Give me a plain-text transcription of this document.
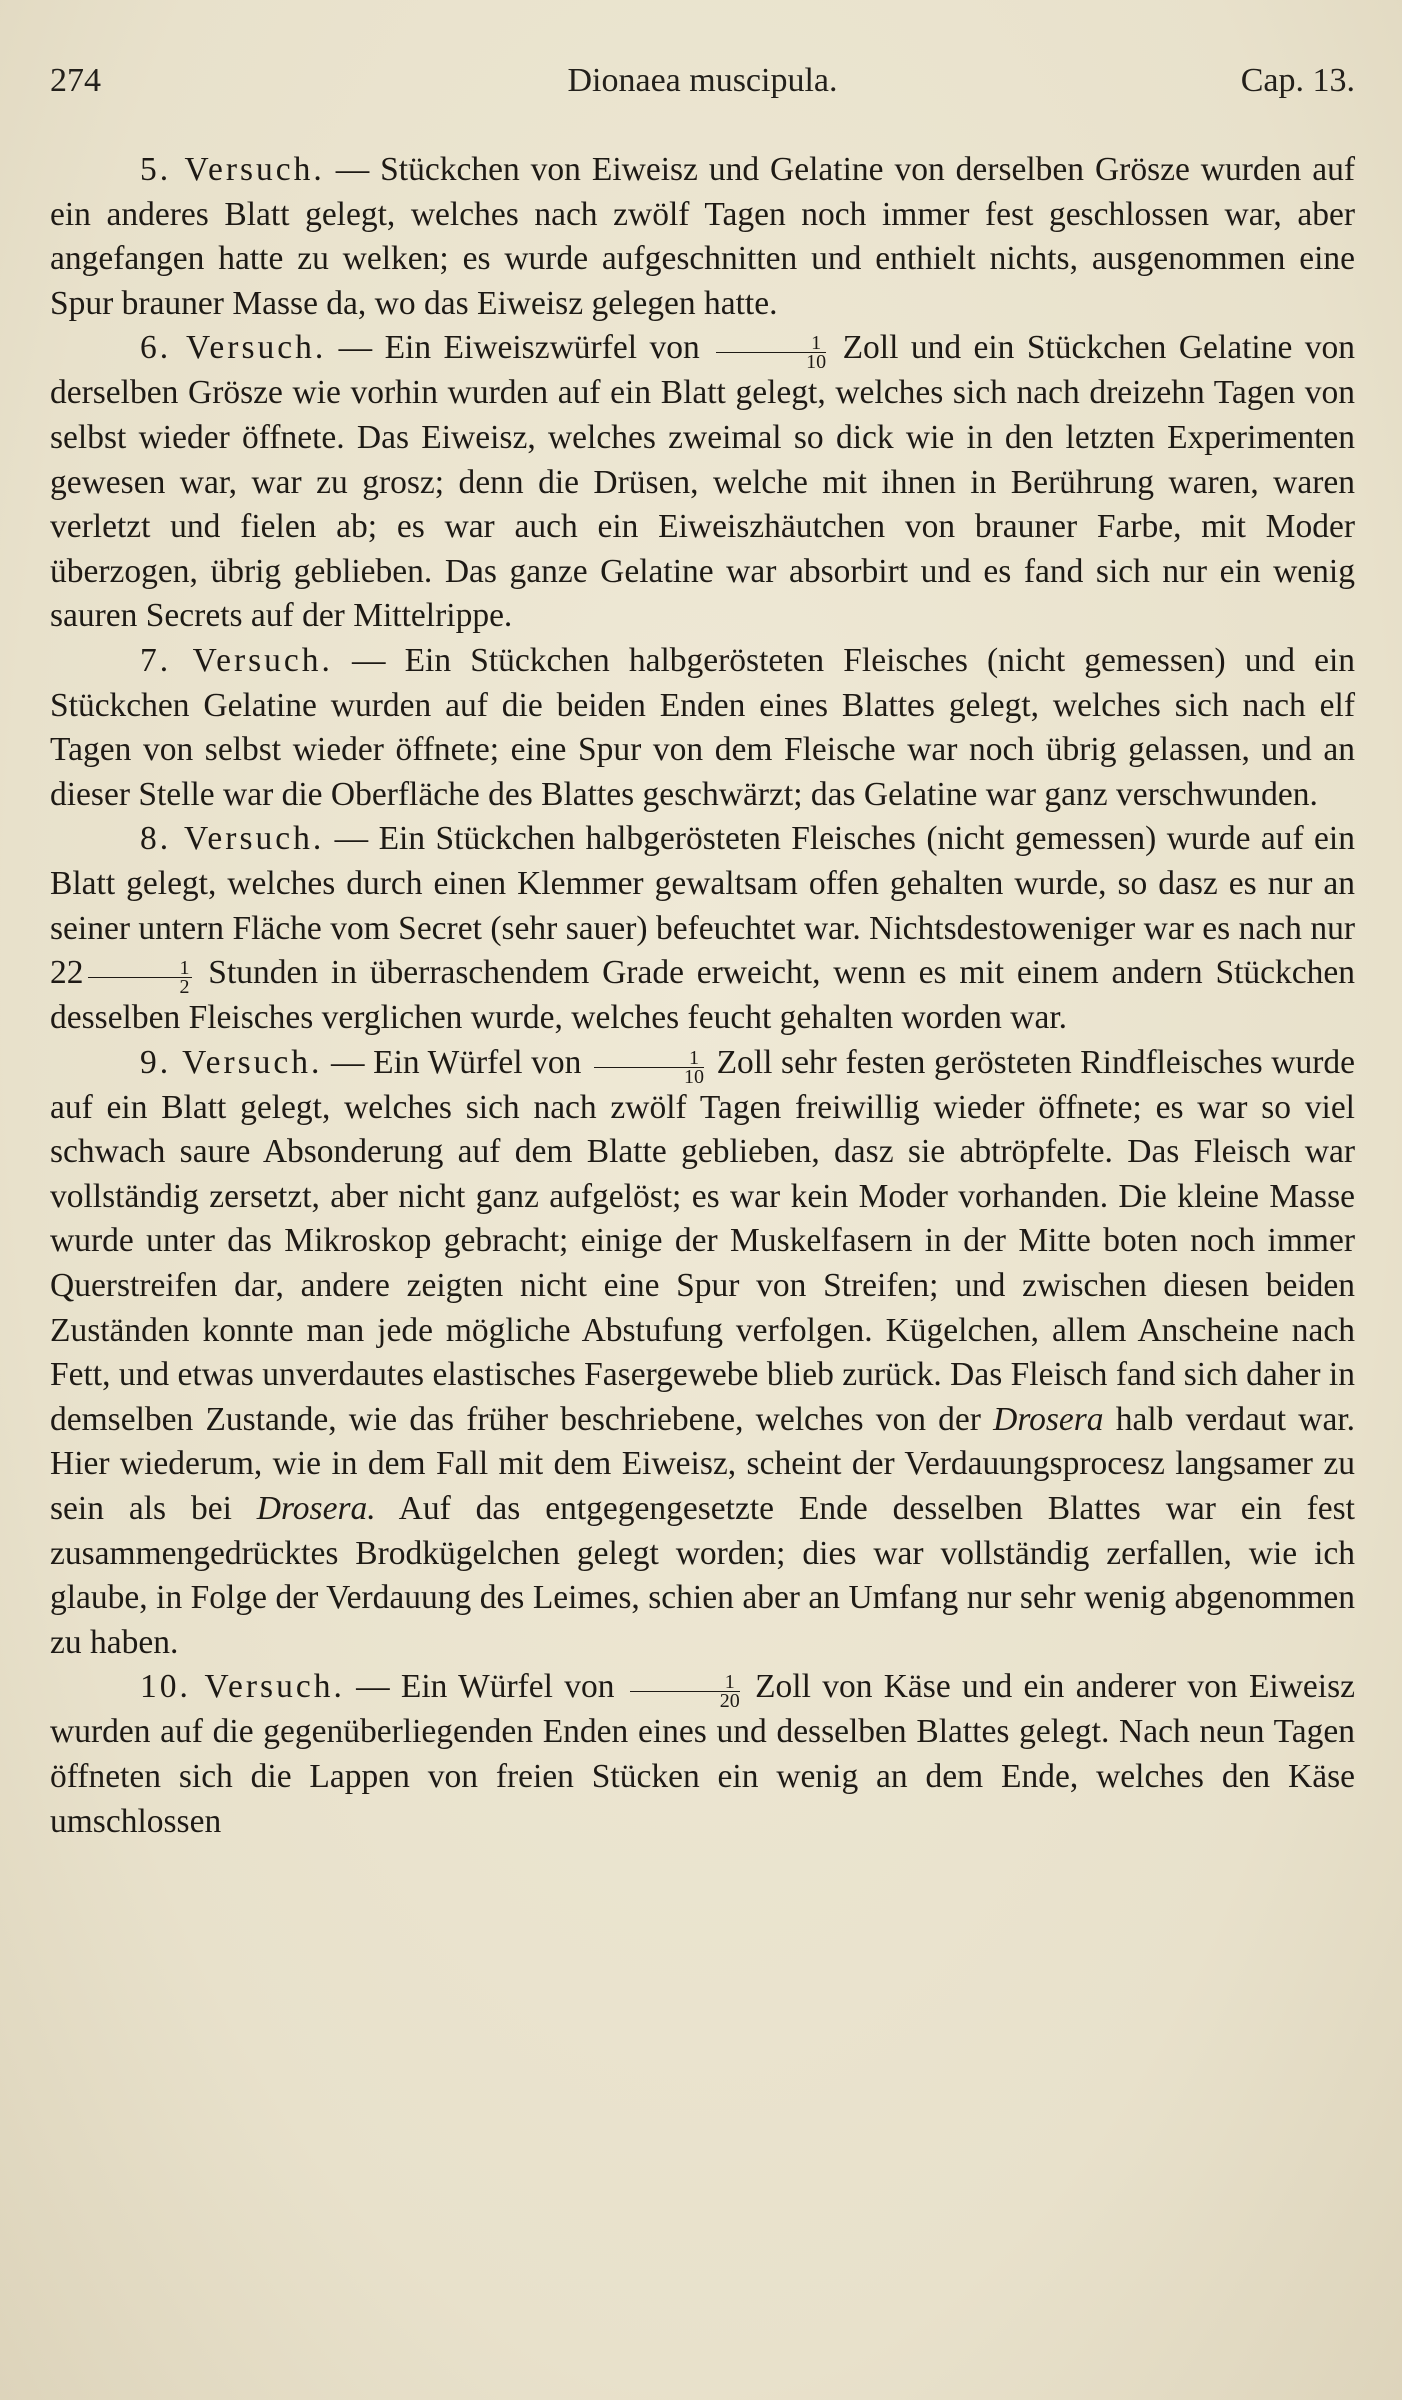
274	Dionaea muscipula.	Cap. 13.

5. Versuch. — Stückchen von Eiweisz und Gelatine von derselben Grösze wurden auf ein anderes Blatt gelegt, welches nach zwölf Tagen noch immer fest geschlossen war, aber angefangen hatte zu welken; es wurde aufgeschnitten und enthielt nichts, ausgenommen eine Spur brauner Masse da, wo das Eiweisz gelegen hatte.

6. Versuch. — Ein Eiweiszwürfel von $\frac{1}{10}$ Zoll und ein Stückchen Gelatine von derselben Grösze wie vorhin wurden auf ein Blatt gelegt, welches sich nach dreizehn Tagen von selbst wieder öffnete. Das Eiweisz, welches zweimal so dick wie in den letzten Experimenten gewesen war, war zu grosz; denn die Drüsen, welche mit ihnen in Berührung waren, waren verletzt und fielen ab; es war auch ein Eiweiszhäutchen von brauner Farbe, mit Moder überzogen, übrig geblieben. Das ganze Gelatine war absorbirt und es fand sich nur ein wenig sauren Secrets auf der Mittelrippe.

7. Versuch. — Ein Stückchen halbgerösteten Fleisches (nicht gemessen) und ein Stückchen Gelatine wurden auf die beiden Enden eines Blattes gelegt, welches sich nach elf Tagen von selbst wieder öffnete; eine Spur von dem Fleische war noch übrig gelassen, und an dieser Stelle war die Oberfläche des Blattes geschwärzt; das Gelatine war ganz verschwunden.

8. Versuch. — Ein Stückchen halbgerösteten Fleisches (nicht gemessen) wurde auf ein Blatt gelegt, welches durch einen Klemmer gewaltsam offen gehalten wurde, so dasz es nur an seiner untern Fläche vom Secret (sehr sauer) befeuchtet war. Nichtsdestoweniger war es nach nur $22 \frac{1}{2}$ Stunden in überraschendem Grade erweicht, wenn es mit einem andern Stückchen desselben Fleisches verglichen wurde, welches feucht gehalten worden war.

9. Versuch. — Ein Würfel von $\frac{1}{10}$ Zoll sehr festen gerösteten Rindfleisches wurde auf ein Blatt gelegt, welches sich nach zwölf Tagen freiwillig wieder öffnete; es war so viel schwach saure Absonderung auf dem Blatte geblieben, dasz sie abtröpfelte. Das Fleisch war vollständig zersetzt, aber nicht ganz aufgelöst; es war kein Moder vorhanden. Die kleine Masse wurde unter das Mikroskop gebracht; einige der Muskelfasern in der Mitte boten noch immer Querstreifen dar, andere zeigten nicht eine Spur von Streifen; und zwischen diesen beiden Zuständen konnte man jede mögliche Abstufung verfolgen. Kügelchen, allem Anscheine nach Fett, und etwas unverdautes elastisches Fasergewebe blieb zurück. Das Fleisch fand sich daher in demselben Zustande, wie das früher beschriebene, welches von der Drosera halb verdaut war. Hier wiederum, wie in dem Fall mit dem Eiweisz, scheint der Verdauungsprocesz langsamer zu sein als bei Drosera. Auf das entgegengesetzte Ende desselben Blattes war ein fest zusammengedrücktes Brodkügelchen gelegt worden; dies war vollständig zerfallen, wie ich glaube, in Folge der Verdauung des Leimes, schien aber an Umfang nur sehr wenig abgenommen zu haben.

10. Versuch. — Ein Würfel von $\frac{1}{20}$ Zoll von Käse und ein anderer von Eiweisz wurden auf die gegenüberliegenden Enden eines und desselben Blattes gelegt. Nach neun Tagen öffneten sich die Lappen von freien Stücken ein wenig an dem Ende, welches den Käse umschlossen
